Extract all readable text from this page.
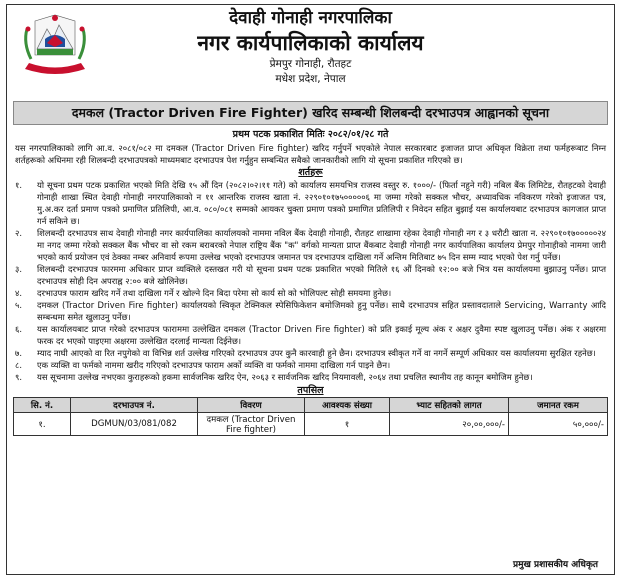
देवाही गोनाही नगरपालिका
नगर कार्यपालिकाको कार्यालय
प्रेमपुर गोनाही, रौतहट
मधेश प्रदेश, नेपाल
दमकल (Tractor Driven Fire Fighter) खरिद सम्बन्धी शिलबन्दी दरभाउपत्र आह्वानको सूचना
प्रथम पटक प्रकाशित मितिः २०८२/०१/२८ गते
यस नगरपालिकाको लागि आ.व. २०८१/०८२ मा दमकल (Tractor Driven Fire fighter) खरिद गर्नुपर्ने भएकोले नेपाल सरकारबाट इजाजत प्राप्त अधिकृत विक्रेता तथा फर्महरूबाट निम्न शर्तहरूको अधिनमा रही शिलबन्दी दरभाउपत्रको माध्यमबाट दरभाउपत्र पेश गर्नुहुन सम्बन्धित सबैको जानकारीको लागि यो सूचना प्रकाशित गरिएको छ।
शर्तहरू
१.	यो सूचना प्रथम पटक प्रकाशित भएको मिति देखि १५ औं दिन (२०८२।०२।११ गते) को कार्यालय समयभित्र राजस्व वस्तुर रु. १०००/- (फिर्ता नहुने गरी) नबिल बैंक लिमिटेड, रौतहटको देवाही गोनाही शाखा स्थित देवाही गोनाही नगरपालिकाको न ११ आन्तरिक राजस्व खाता नं. २२९०१०१७५०००००६ मा जम्मा गरेको सक्कल भौचर, अध्यावधिक नविकरण गरेको इजाजत पत्र, मु.अ.कर दर्ता प्रमाण पत्रको प्रमाणित प्रतिलिपी, आ.व. ०८०/०८१ सम्मको आयकर चुक्ता प्रमाण पत्रको प्रमाणित प्रतिलिपी र निवेदन सहित बुझाई यस कार्यालयबाट दरभाउपत्र कागजात प्राप्त गर्न सकिने छ।
२.	शिलबन्दी दरभाउपत्र साथ देवाही गोनाही नगर कार्यपालिका कार्यालयको नाममा नविल बैंक देवाही गोनाही, रौतहट शाखामा रहेका देवाही गोनाही नग र ३ धरौटी खाता न. २२९०१०१७०००००२४ मा नगद जम्मा गरेको सक्कल बैंक भौचर वा सो रकम बराबरको नेपाल राष्ट्रिय बैंक "क" वर्गको मान्यता प्राप्त बैंकबाट देवाही गोनाही नगर कार्यपालिका कार्यालय प्रेमपुर गोनाहीको नाममा जारी भएको कार्य प्रयोजन एवं ठेक्का नम्बर अनिवार्य रूपमा उल्लेख भएको दरभाउपत्र जमानत पत्र दरभाउपत्र दाखिला गर्ने अन्तिम मितिबाट ७५ दिन सम्म म्याद भएको पेश गर्नु पर्नेछ।
३.	शिलबन्दी दरभाउपत्र फारममा अधिकार प्राप्त व्यक्तिले दस्तखत गरी यो सूचना प्रथम पटक प्रकाशित भएको मितिले १६ औं दिनको १२:०० बजे भित्र यस कार्यालयमा बुझाउनु पर्नेछ। प्राप्त दरभाउपत्र सोही दिन अपराह्न २:०० बजे खोलिनेछ।
४.	दरभाउपत्र फाराम खरिद गर्ने तथा दाखिला गर्ने र खोल्ने दिन बिदा परेमा सो कार्य सो को भोलिपल्ट सोही समयमा हुनेछ।
५.	दमकल (Tractor Driven Fire fighter) कार्यालयको स्विकृत टेक्निकल स्पेसिफिकेशन बमोजिमको हुनु पर्नेछ। साथै दरभाउपत्र सहित प्रस्तावदाताले Servicing, Warranty आदि सम्बन्धमा समेत खुलाउनु पर्नेछ।
६.	यस कार्यालयबाट प्राप्त गरेको दरभाउपत्र फाराममा उल्लेखित दमकल (Tractor Driven Fire fighter) को प्रति इकाई मूल्य अंक र अक्षर दुवैमा स्पष्ट खुलाउनु पर्नेछ। अंक र अक्षरमा फरक दर भएको पाइएमा अक्षरमा उल्लेखित दरलाई मान्यता दिईनेछ।
७.	म्याद नाघी आएको वा रित नपुगेको वा विभिन्न शर्त उल्लेख गरिएको दरभाउपत्र उपर कुनै कारवाही हुने छैन। दरभाउपत्र स्वीकृत गर्ने वा नगर्ने सम्पूर्ण अधिकार यस कार्यालयमा सुरक्षित रहनेछ।
८.	एक व्यक्ति वा फर्मको नाममा खरीद गरिएको दरभाउपत्र फाराम अर्को व्यक्ति वा फर्मको नाममा दाखिला गर्न पाइने छैन।
९.	यस सूचनामा उल्लेख नभएका कुराहरूको हकमा सार्वजनिक खरिद ऐन, २०६३ र सार्वजनिक खरिद नियमावली, २०६४ तथा प्रचलित स्थानीय तह कानून बमोजिम हुनेछ।
तपसिल
सि. नं.	दरभाउपत्र नं.	विवरण	आवश्यक संख्या	भ्याट सहितको लागत	जमानत रकम
१.	DGMUN/03/081/082	दमकल (Tractor Driven Fire fighter)	१	२०,००,०००/-	५०,०००/-
प्रमुख प्रशासकीय अधिकृत
